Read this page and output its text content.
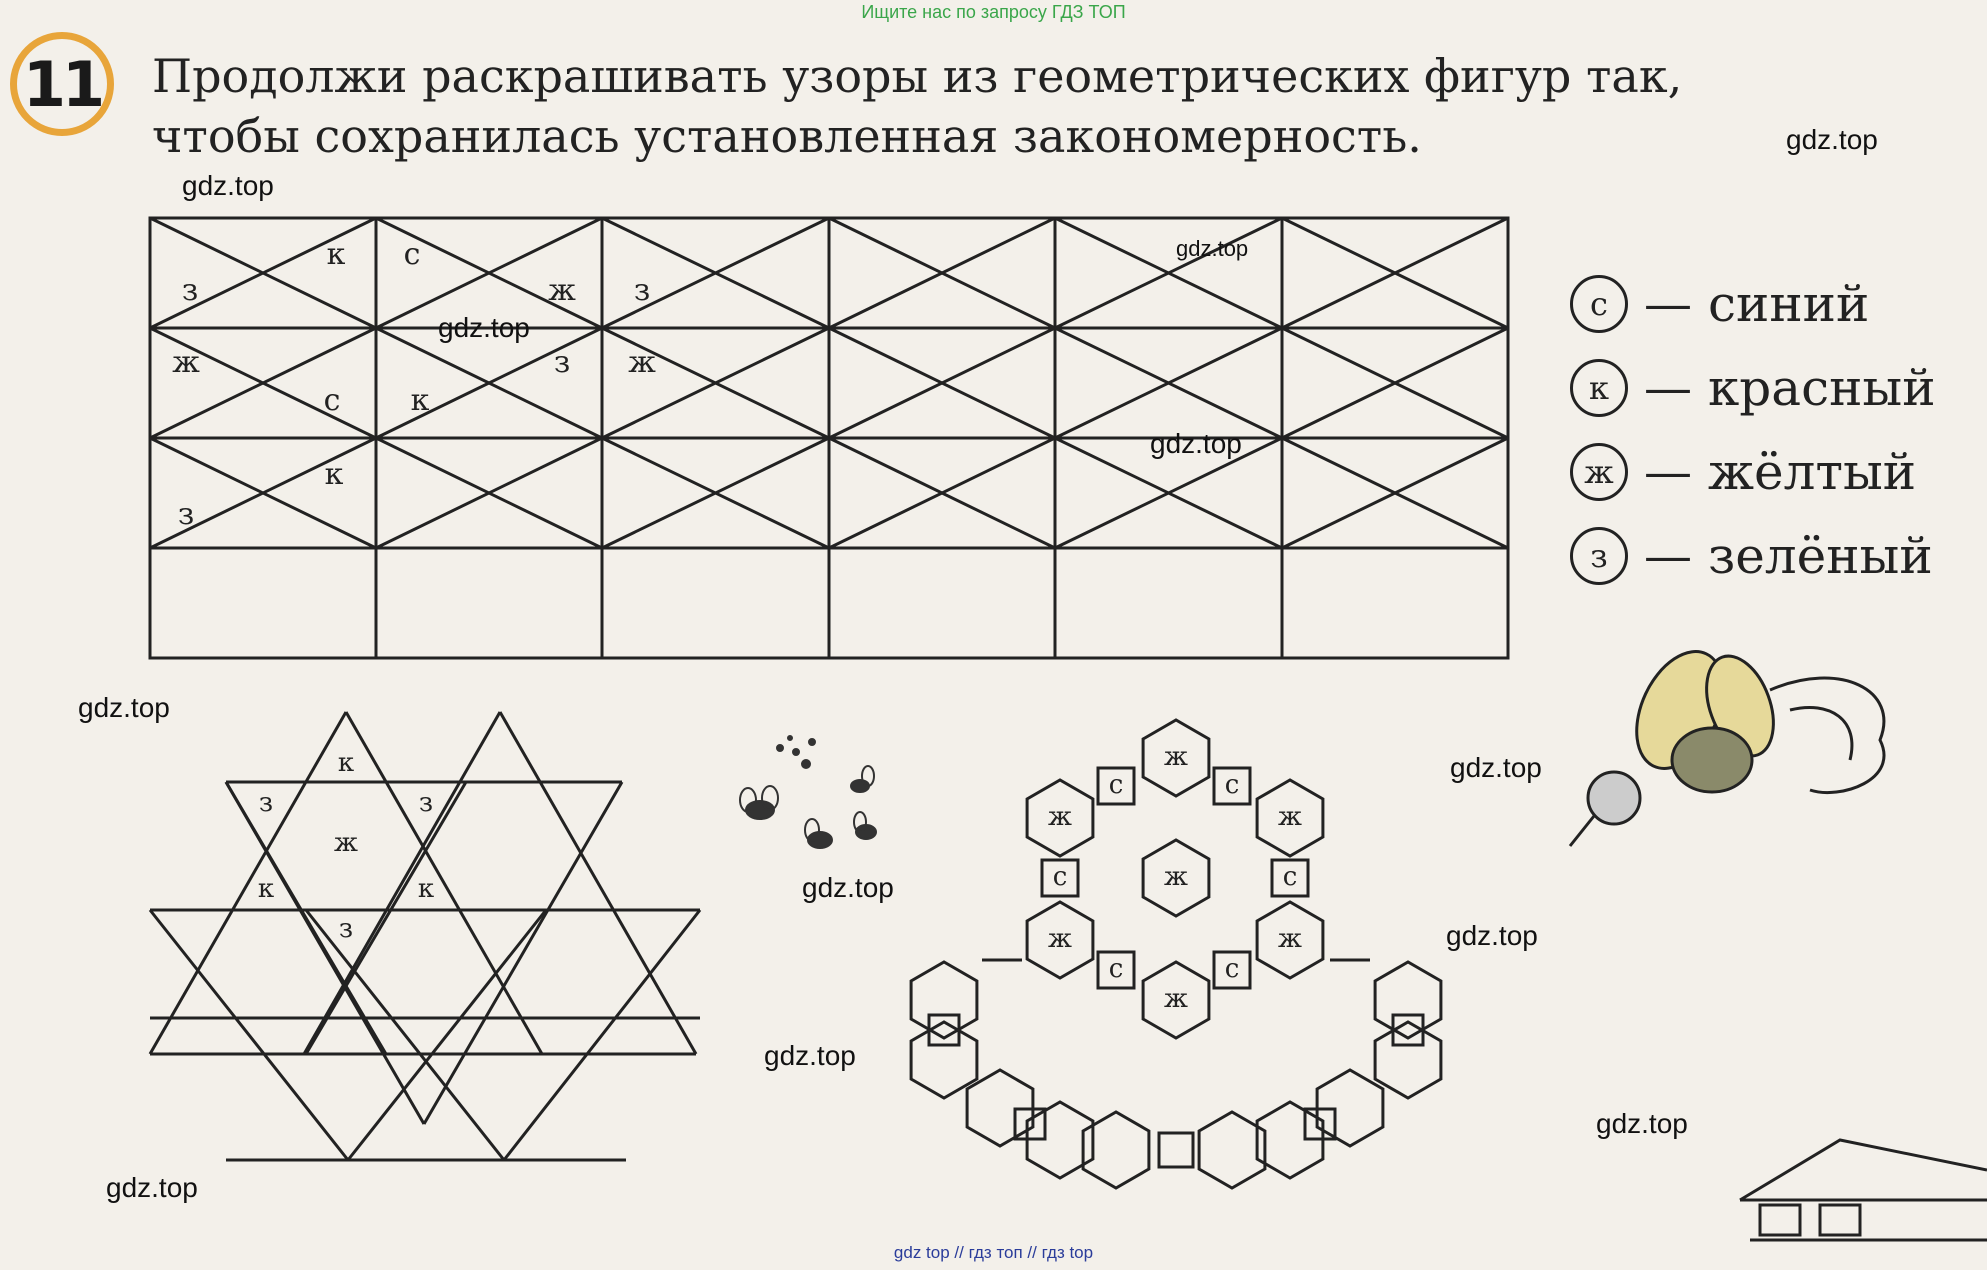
Ищите нас по запросу ГДЗ ТОП
11 Продолжи раскрашивать узоры из геометрических фигур так,
чтобы сохранилась установленная закономерность.
з
к с
ж з
ж
с
з
к
ж
к
з
к
з	з
ж
к	к
з
ж
с	с
ж	ж
с	ж	с
ж	ж
с	с
ж
gdz.top
gdz.top
gdz.top
gdz.top
gdz.top
gdz.top
gdz.top
gdz.top
gdz.top
gdz.top
gdz.top
gdz.top
с — синий
к — красный
ж — жёлтый
з — зелёный
gdz top // гдз топ // гдз top
